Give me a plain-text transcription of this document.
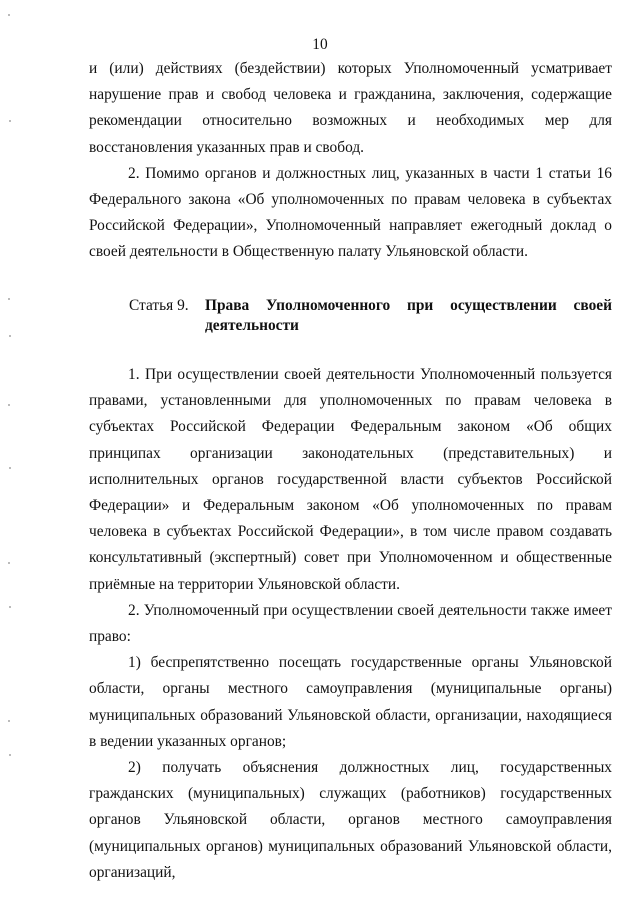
10

и (или) действиях (бездействии) которых Уполномоченный усматривает нарушение прав и свобод человека и гражданина, заключения, содержащие рекомендации относительно возможных и необходимых мер для восстановления указанных прав и свобод.

2. Помимо органов и должностных лиц, указанных в части 1 статьи 16 Федерального закона «Об уполномоченных по правам человека в субъектах Российской Федерации», Уполномоченный направляет ежегодный доклад о своей деятельности в Общественную палату Ульяновской области.

Статья 9.	Права Уполномоченного при осуществлении своей деятельности

1. При осуществлении своей деятельности Уполномоченный пользуется правами, установленными для уполномоченных по правам человека в субъектах Российской Федерации Федеральным законом «Об общих принципах организации законодательных (представительных) и исполнительных органов государственной власти субъектов Российской Федерации» и Федеральным законом «Об уполномоченных по правам человека в субъектах Российской Федерации», в том числе правом создавать консультативный (экспертный) совет при Уполномоченном и общественные приёмные на территории Ульяновской области.

2. Уполномоченный при осуществлении своей деятельности также имеет право:

1) беспрепятственно посещать государственные органы Ульяновской области, органы местного самоуправления (муниципальные органы) муниципальных образований Ульяновской области, организации, находящиеся в ведении указанных органов;

2) получать объяснения должностных лиц, государственных гражданских (муниципальных) служащих (работников) государственных органов Ульяновской области, органов местного самоуправления (муниципальных органов) муниципальных образований Ульяновской области, организаций,
